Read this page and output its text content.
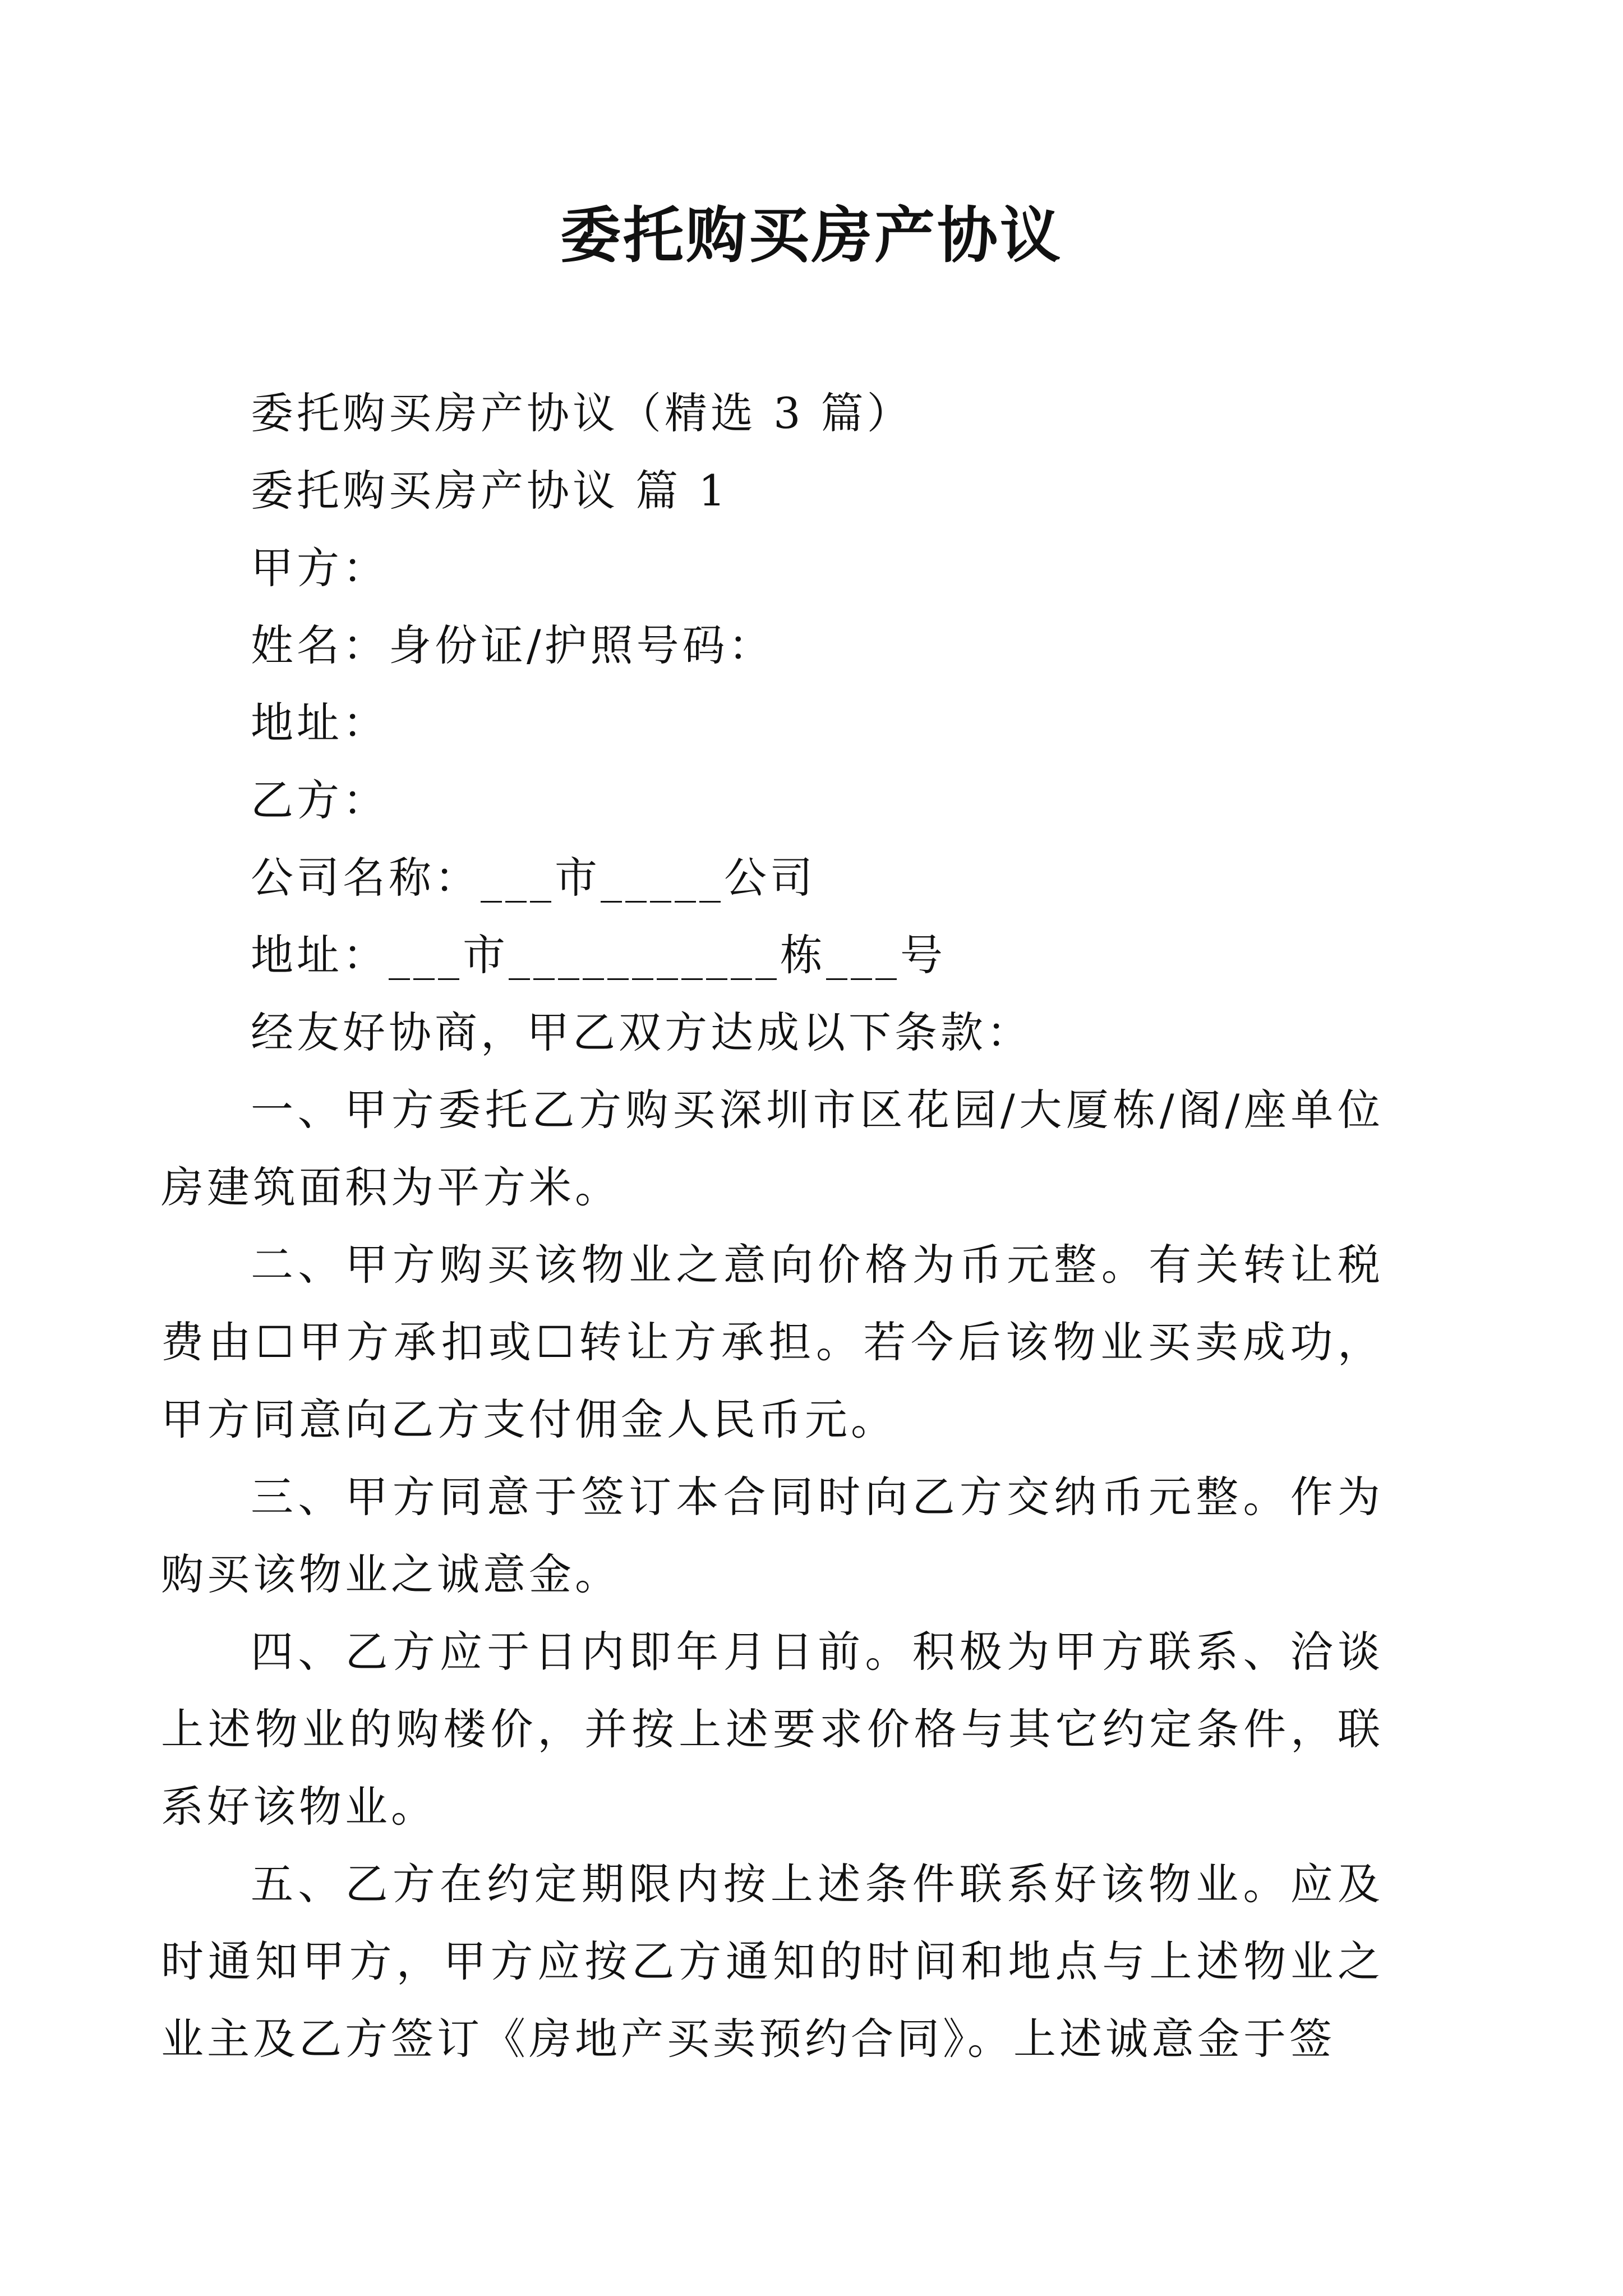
委托购买房产协议

委托购买房产协议（精选 3 篇）

委托购买房产协议 篇 1

甲方：

姓名：身份证/护照号码：

地址：

乙方：

公司名称：___市_____公司

地址：___市___________栋___号

经友好协商，甲乙双方达成以下条款：

一、甲方委托乙方购买深圳市区花园/大厦栋/阁/座单位房建筑面积为平方米。

二、甲方购买该物业之意向价格为币元整。有关转让税费由☐甲方承扣或☐转让方承担。若今后该物业买卖成功，甲方同意向乙方支付佣金人民币元。

三、甲方同意于签订本合同时向乙方交纳币元整。作为购买该物业之诚意金。

四、乙方应于日内即年月日前。积极为甲方联系、洽谈上述物业的购楼价，并按上述要求价格与其它约定条件，联系好该物业。

五、乙方在约定期限内按上述条件联系好该物业。应及时通知甲方，甲方应按乙方通知的时间和地点与上述物业之业主及乙方签订《房地产买卖预约合同》。上述诚意金于签
